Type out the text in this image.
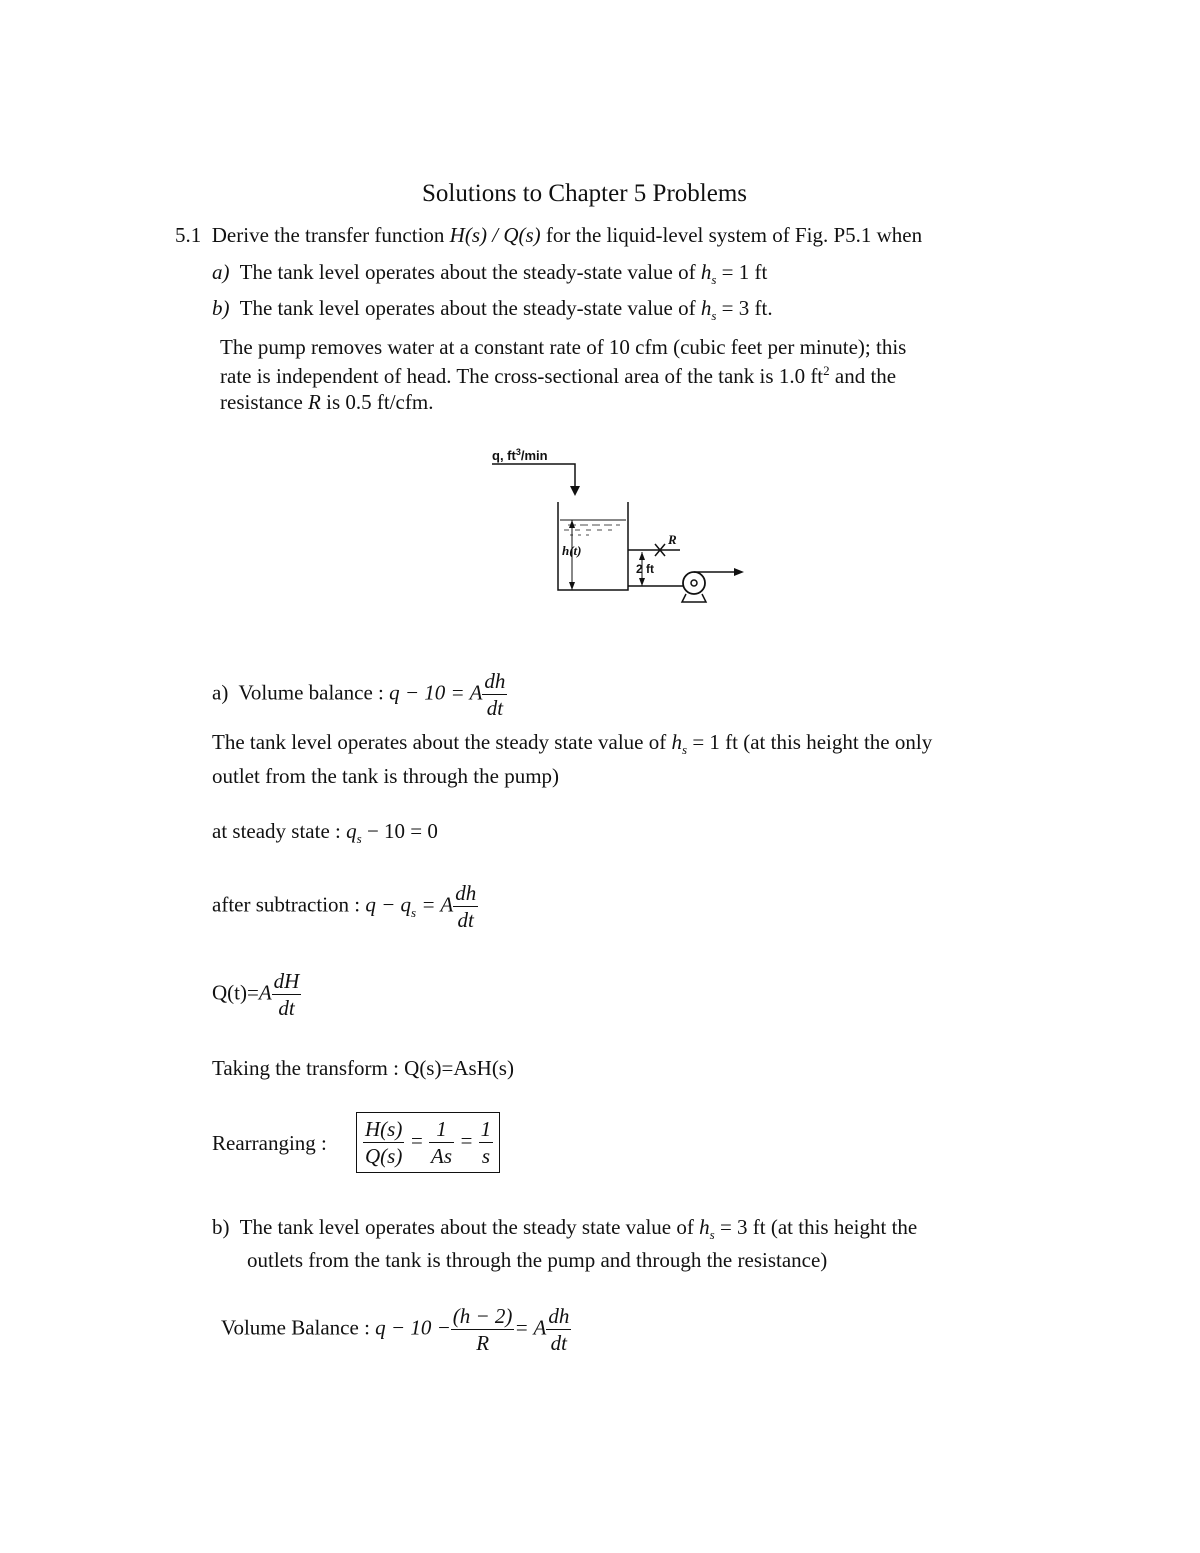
Solutions to Chapter 5 Problems
5.1 Derive the transfer function H(s) / Q(s) for the liquid-level system of Fig. P5.1 when
a) The tank level operates about the steady-state value of $h_s = 1$ ft
b) The tank level operates about the steady-state value of $h_s = 3$ ft.
The pump removes water at a constant rate of 10 cfm (cubic feet per minute); this
rate is independent of head. The cross-sectional area of the tank is 1.0 $ft^2$ and the
resistance R is 0.5 ft/cfm.
q, $ft^3/\min$
h(t)
R
2 ft
a) Volume balance : q − 10 = A $\frac{dh}{dt}$
The tank level operates about the steady state value of $h_s = 1$ ft (at this height the only
outlet from the tank is through the pump)
at steady state : $q_s - 10 = 0$
after subtraction : $q - q_s = A \frac{dh}{dt}$
$Q(t)=A \frac{dH}{dt}$
Taking the transform : Q(s)=AsH(s)
Rearranging : $\frac{H(s)}{Q(s)} = \frac{1}{As} = \frac{1}{s}$
b) The tank level operates about the steady state value of $h_s = 3$ ft (at this height the
outlets from the tank is through the pump and through the resistance)
Volume Balance : $q - 10 - \frac{(h - 2)}{R} = A \frac{dh}{dt}$
